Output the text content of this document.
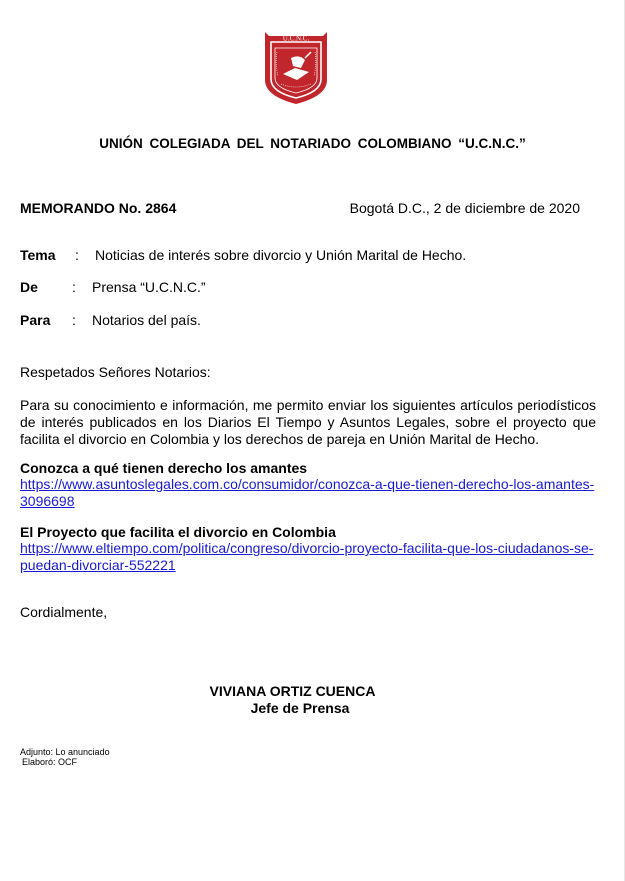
U.C.N.C.
UNIÓN COLEGIADA DEL NOTARIADO COLOMBIANO “U.C.N.C.”
MEMORANDO No. 2864	Bogotá D.C., 2 de diciembre de 2020
Tema : Noticias de interés sobre divorcio y Unión Marital de Hecho.
De : Prensa “U.C.N.C.”
Para : Notarios del país.
Respetados Señores Notarios:
Para su conocimiento e información, me permito enviar los siguientes artículos periodísticos de interés publicados en los Diarios El Tiempo y Asuntos Legales, sobre el proyecto que facilita el divorcio en Colombia y los derechos de pareja en Unión Marital de Hecho.
Conozca a qué tienen derecho los amantes
https://www.asuntoslegales.com.co/consumidor/conozca-a-que-tienen-derecho-los-amantes-
3096698
El Proyecto que facilita el divorcio en Colombia
https://www.eltiempo.com/politica/congreso/divorcio-proyecto-facilita-que-los-ciudadanos-se-
puedan-divorciar-552221
Cordialmente,
VIVIANA ORTIZ CUENCA
Jefe de Prensa
Adjunto: Lo anunciado
Elaboró: OCF
